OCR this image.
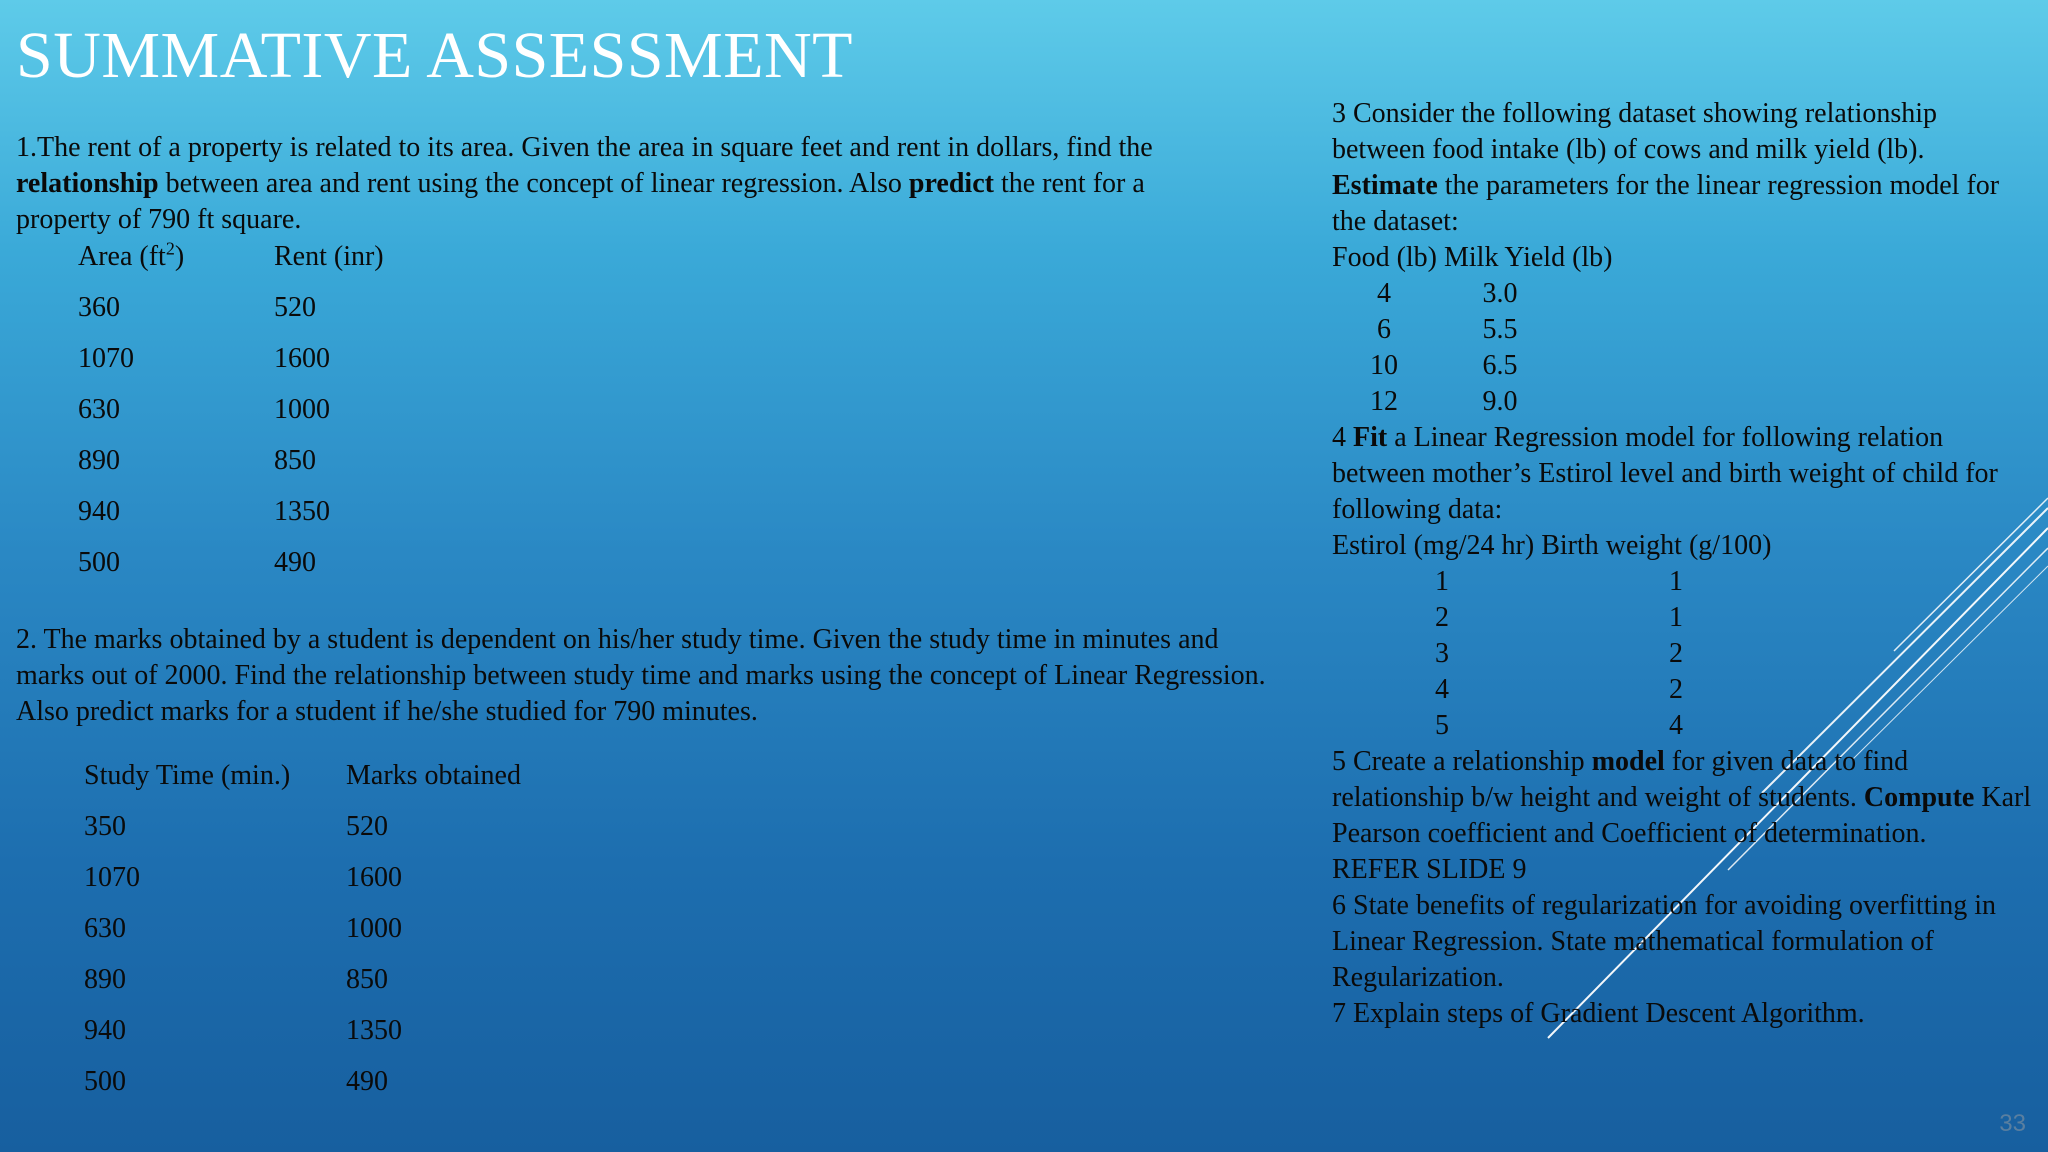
SUMMATIVE ASSESSMENT

1.The rent of a property is related to its area. Given the area in square feet and rent in dollars, find the relationship between area and rent using the concept of linear regression. Also predict the rent for a property of 790 ft square.

Area $(ft^2)$	Rent (inr)
360	520
1070	1600
630	1000
890	850
940	1350
500	490

2. The marks obtained by a student is dependent on his/her study time. Given the study time in minutes and marks out of 2000. Find the relationship between study time and marks using the concept of Linear Regression. Also predict marks for a student if he/she studied for 790 minutes.

Study Time (min.) Marks obtained
350	520
1070	1600
630	1000
890	850
940	1350
500	490

3 Consider the following dataset showing relationship between food intake (lb) of cows and milk yield (lb). Estimate the parameters for the linear regression model for the dataset:

Food (lb) Milk Yield (lb)

4	3.0
6	5.5
10	6.5
12	9.0

4 Fit a Linear Regression model for following relation between mother’s Estirol level and birth weight of child for following data:

Estirol (mg/24 hr) Birth weight (g/100)

1	1
2	1
3	2
4	2
5	4

5 Create a relationship model for given data to find relationship b/w height and weight of students. Compute Karl Pearson coefficient and Coefficient of determination.

REFER SLIDE 9

6 State benefits of regularization for avoiding overfitting in Linear Regression. State mathematical formulation of Regularization.

7 Explain steps of Gradient Descent Algorithm.

33
